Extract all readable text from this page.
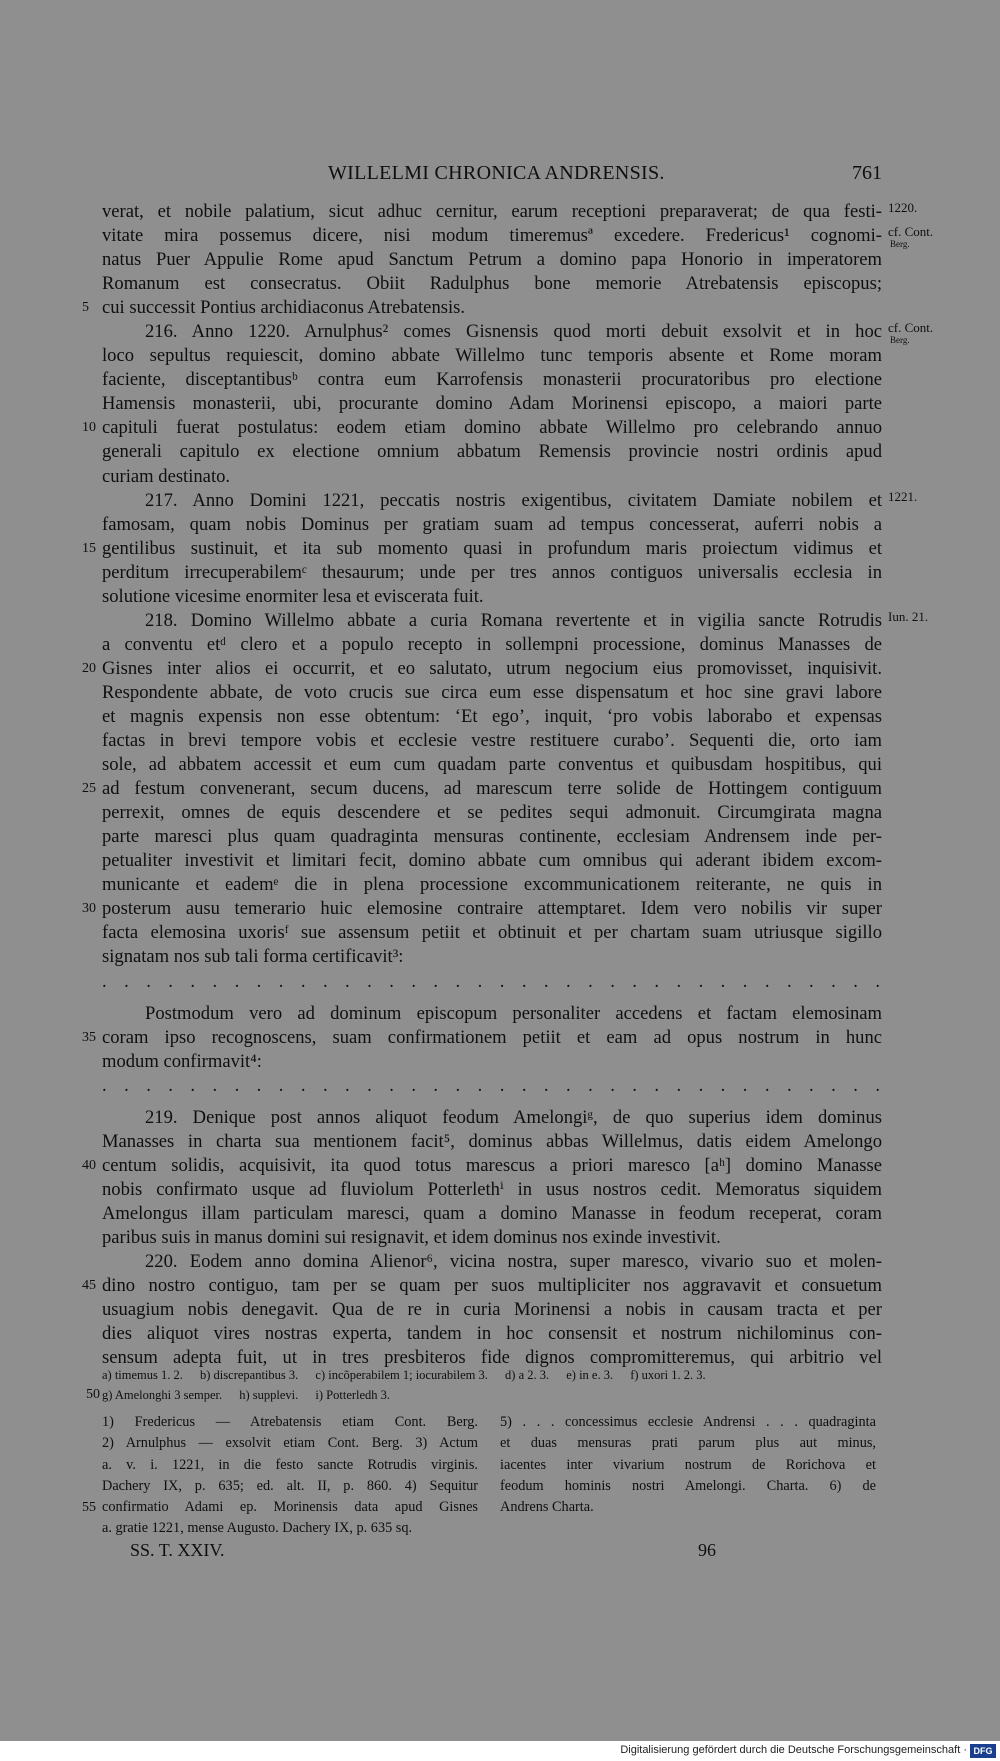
WILLELMI CHRONICA ANDRENSIS.	761
verat, et nobile palatium, sicut adhuc cernitur, earum receptioni preparaverat; de qua festi- 1220.
vitate mira possemus dicere, nisi modum timeremusª excedere. Fredericus¹ cognomi- cf. Cont.
Berg.
natus Puer Appulie Rome apud Sanctum Petrum a domino papa Honorio in imperatorem
Romanum est consecratus. Obiit Radulphus bone memorie Atrebatensis episcopus;
5 cui successit Pontius archidiaconus Atrebatensis.
216. Anno 1220. Arnulphus² comes Gisnensis quod morti debuit exsolvit et in hoc cf. Cont.
Berg.
loco sepultus requiescit, domino abbate Willelmo tunc temporis absente et Rome moram
faciente, disceptantibusᵇ contra eum Karrofensis monasterii procuratoribus pro electione
Hamensis monasterii, ubi, procurante domino Adam Morinensi episcopo, a maiori parte
10 capituli fuerat postulatus: eodem etiam domino abbate Willelmo pro celebrando annuo
generali capitulo ex electione omnium abbatum Remensis provincie nostri ordinis apud
curiam destinato.
217. Anno Domini 1221, peccatis nostris exigentibus, civitatem Damiate nobilem et 1221.
famosam, quam nobis Dominus per gratiam suam ad tempus concesserat, auferri nobis a
15 gentilibus sustinuit, et ita sub momento quasi in profundum maris proiectum vidimus et
perditum irrecuperabilemᶜ thesaurum; unde per tres annos contiguos universalis ecclesia in
solutione vicesime enormiter lesa et eviscerata fuit.
218. Domino Willelmo abbate a curia Romana revertente et in vigilia sancte Rotrudis Iun. 21.
a conventu etᵈ clero et a populo recepto in sollempni processione, dominus Manasses de
20 Gisnes inter alios ei occurrit, et eo salutato, utrum negocium eius promovisset, inquisivit.
Respondente abbate, de voto crucis sue circa eum esse dispensatum et hoc sine gravi labore
et magnis expensis non esse obtentum: ‘Et ego’, inquit, ‘pro vobis laborabo et expensas
factas in brevi tempore vobis et ecclesie vestre restituere curabo’. Sequenti die, orto iam
sole, ad abbatem accessit et eum cum quadam parte conventus et quibusdam hospitibus, qui
25 ad festum convenerant, secum ducens, ad marescum terre solide de Hottingem contiguum
perrexit, omnes de equis descendere et se pedites sequi admonuit. Circumgirata magna
parte maresci plus quam quadraginta mensuras continente, ecclesiam Andrensem inde per-
petualiter investivit et limitari fecit, domino abbate cum omnibus qui aderant ibidem excom-
municante et eademᵉ die in plena processione excommunicationem reiterante, ne quis in
30 posterum ausu temerario huic elemosine contraire attemptaret. Idem vero nobilis vir super
facta elemosina uxorisᶠ sue assensum petiit et obtinuit et per chartam suam utriusque sigillo
signatam nos sub tali forma certificavit³:
. . . . . . . . . . . . . . . . . . . . . . . . . . . . . . . . . . . .
Postmodum vero ad dominum episcopum personaliter accedens et factam elemosinam
35 coram ipso recognoscens, suam confirmationem petiit et eam ad opus nostrum in hunc
modum confirmavit⁴:
. . . . . . . . . . . . . . . . . . . . . . . . . . . . . . . . . . . .
219. Denique post annos aliquot feodum Amelongiᵍ, de quo superius idem dominus
Manasses in charta sua mentionem facit⁵, dominus abbas Willelmus, datis eidem Amelongo
40 centum solidis, acquisivit, ita quod totus marescus a priori maresco [aʰ] domino Manasse
nobis confirmato usque ad fluviolum Potterlethⁱ in usus nostros cedit. Memoratus siquidem
Amelongus illam particulam maresci, quam a domino Manasse in feodum receperat, coram
paribus suis in manus domini sui resignavit, et idem dominus nos exinde investivit.
220. Eodem anno domina Alienor⁶, vicina nostra, super maresco, vivario suo et molen-
45 dino nostro contiguo, tam per se quam per suos multipliciter nos aggravavit et consuetum
usuagium nobis denegavit. Qua de re in curia Morinensi a nobis in causam tracta et per
dies aliquot vires nostras experta, tandem in hoc consensit et nostrum nichilominus con-
sensum adepta fuit, ut in tres presbiteros fide dignos compromitteremus, qui arbitrio vel
a) timemus 1. 2. b) discrepantibus 3. c) incõperabilem 1; iocurabilem 3. d) a 2. 3. e) in e. 3. f) uxori 1. 2. 3.
50 g) Amelonghi 3 semper. h) supplevi. i) Potterledh 3.
1) Fredericus — Atrebatensis etiam Cont. Berg.
2) Arnulphus — exsolvit etiam Cont. Berg. 3) Actum
a. v. i. 1221, in die festo sancte Rotrudis virginis.
Dachery IX, p. 635; ed. alt. II, p. 860. 4) Sequitur
55 confirmatio Adami ep. Morinensis data apud Gisnes
a. gratie 1221, mense Augusto. Dachery IX, p. 635 sq.
5) . . . concessimus ecclesie Andrensi . . . quadraginta
et duas mensuras prati parum plus aut minus,
iacentes inter vivarium nostrum de Rorichova et
feodum hominis nostri Amelongi. Charta. 6) de
Andrens Charta.
SS. T. XXIV.	96
Digitalisierung gefördert durch die Deutsche Forschungsgemeinschaft · DFG
